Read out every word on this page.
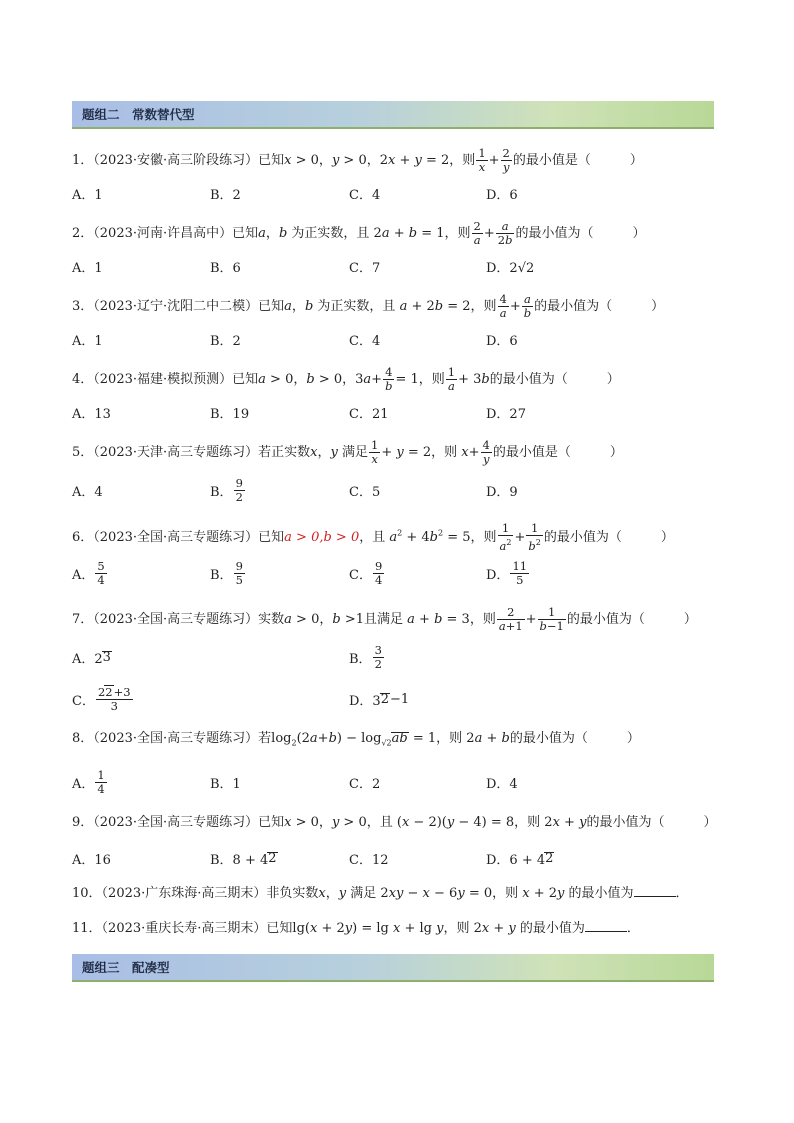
题组二　常数替代型
1．（2023·安徽·高三阶段练习）已知x > 0，y > 0，2x + y = 2，则 $\frac{1}{x} + \frac{2}{y}$ 的最小值是（　　　）
A．1	B．2	C．4	D．6
2．（2023·河南·许昌高中）已知a，b 为正实数，且 2a + b = 1，则 $\frac{2}{a} + \frac{a}{2b}$ 的最小值为（　　　）
A．1	B．6	C．7	D．2√2
3．（2023·辽宁·沈阳二中二模）已知a，b 为正实数，且 a + 2b = 2，则 $\frac{4}{a} + \frac{a}{b}$ 的最小值为（　　　）
A．1	B．2	C．4	D．6
4．（2023·福建·模拟预测）已知a > 0，b > 0，$3a+ \frac{4}{b} = 1$，则 $\frac{1}{a} + 3b$的最小值为（　　　）
A．13	B．19	C．21	D．27
5．（2023·天津·高三专题练习）若正实数x，y 满足 $\frac{1}{x} + y = 2$，则 $x+ \frac{4}{y}$ 的最小值是（　　　）
A．4	B． $\frac{9}{2}$	C．5	D．9
6．（2023·全国·高三专题练习）已知a > 0,b > 0，且 $a^2 + 4b^2 = 5$，则 $\frac{1}{a^2} + \frac{1}{b^2}$ 的最小值为（　　　）
A． $\frac{5}{4}$	B． $\frac{9}{5}$	C． $\frac{9}{4}$	D． $\frac{11}{5}$
7．（2023·全国·高三专题练习）实数a > 0，b >1且满足 a + b = 3，则 $\frac{2}{a+1} + \frac{1}{b-1}$ 的最小值为（　　　）
A．2 3	B． $\frac{3}{2}$
C． $\frac{22+3}{3}$	D．3 2 −1
8．（2023·全国·高三专题练习）若$\log_2(2a+b) - \log_{√2}ab = 1$，则 2a + b的最小值为（　　　）
A． $\frac{1}{4}$	B．1	C．2	D．4
9．（2023·全国·高三专题练习）已知x > 0，y > 0，且 (x − 2)(y − 4) = 8，则 2x + y的最小值为（　　　）
A．16	B．8 + 4 2	C．12	D．6 + 4 2
10．（2023·广东珠海·高三期末）非负实数x，y 满足 2xy − x − 6y = 0，则 x + 2y 的最小值为	．
11．（2023·重庆长寿·高三期末）已知lg(x + 2y) = lg x + lg y，则 2x + y 的最小值为	．
题组三　配凑型
